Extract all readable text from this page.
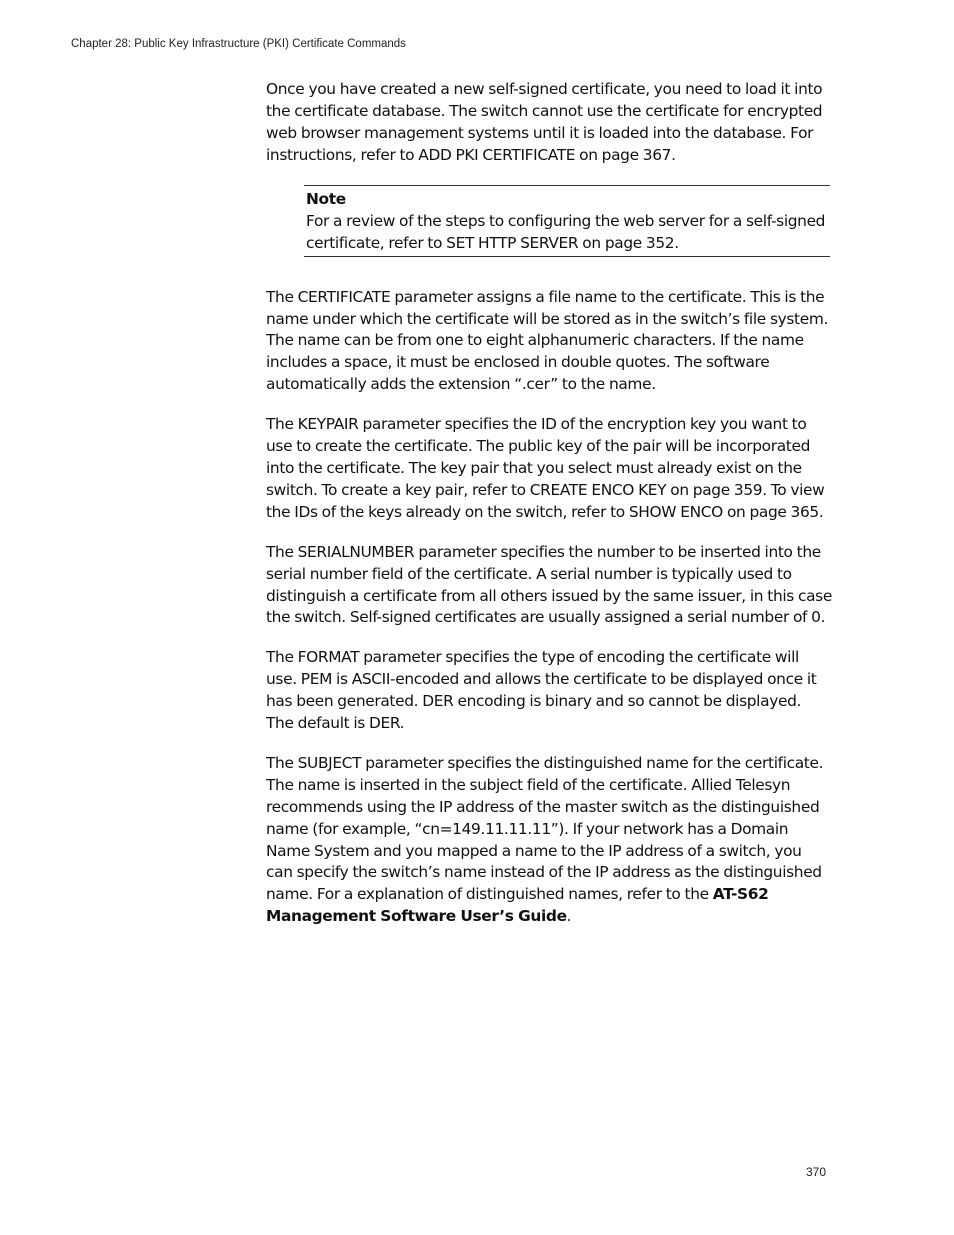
Chapter 28: Public Key Infrastructure (PKI) Certificate Commands

Once you have created a new self-signed certificate, you need to load it into the certificate database. The switch cannot use the certificate for encrypted web browser management systems until it is loaded into the database. For instructions, refer to ADD PKI CERTIFICATE on page 367.

Note
For a review of the steps to configuring the web server for a self-signed certificate, refer to SET HTTP SERVER on page 352.

The CERTIFICATE parameter assigns a file name to the certificate. This is the name under which the certificate will be stored as in the switch’s file system. The name can be from one to eight alphanumeric characters. If the name includes a space, it must be enclosed in double quotes. The software automatically adds the extension “.cer” to the name.

The KEYPAIR parameter specifies the ID of the encryption key you want to use to create the certificate. The public key of the pair will be incorporated into the certificate. The key pair that you select must already exist on the switch. To create a key pair, refer to CREATE ENCO KEY on page 359. To view the IDs of the keys already on the switch, refer to SHOW ENCO on page 365.

The SERIALNUMBER parameter specifies the number to be inserted into the serial number field of the certificate. A serial number is typically used to distinguish a certificate from all others issued by the same issuer, in this case the switch. Self-signed certificates are usually assigned a serial number of 0.

The FORMAT parameter specifies the type of encoding the certificate will use. PEM is ASCII-encoded and allows the certificate to be displayed once it has been generated. DER encoding is binary and so cannot be displayed. The default is DER.

The SUBJECT parameter specifies the distinguished name for the certificate. The name is inserted in the subject field of the certificate. Allied Telesyn recommends using the IP address of the master switch as the distinguished name (for example, “cn=149.11.11.11”). If your network has a Domain Name System and you mapped a name to the IP address of a switch, you can specify the switch’s name instead of the IP address as the distinguished name. For a explanation of distinguished names, refer to the AT-S62 Management Software User’s Guide.

370
